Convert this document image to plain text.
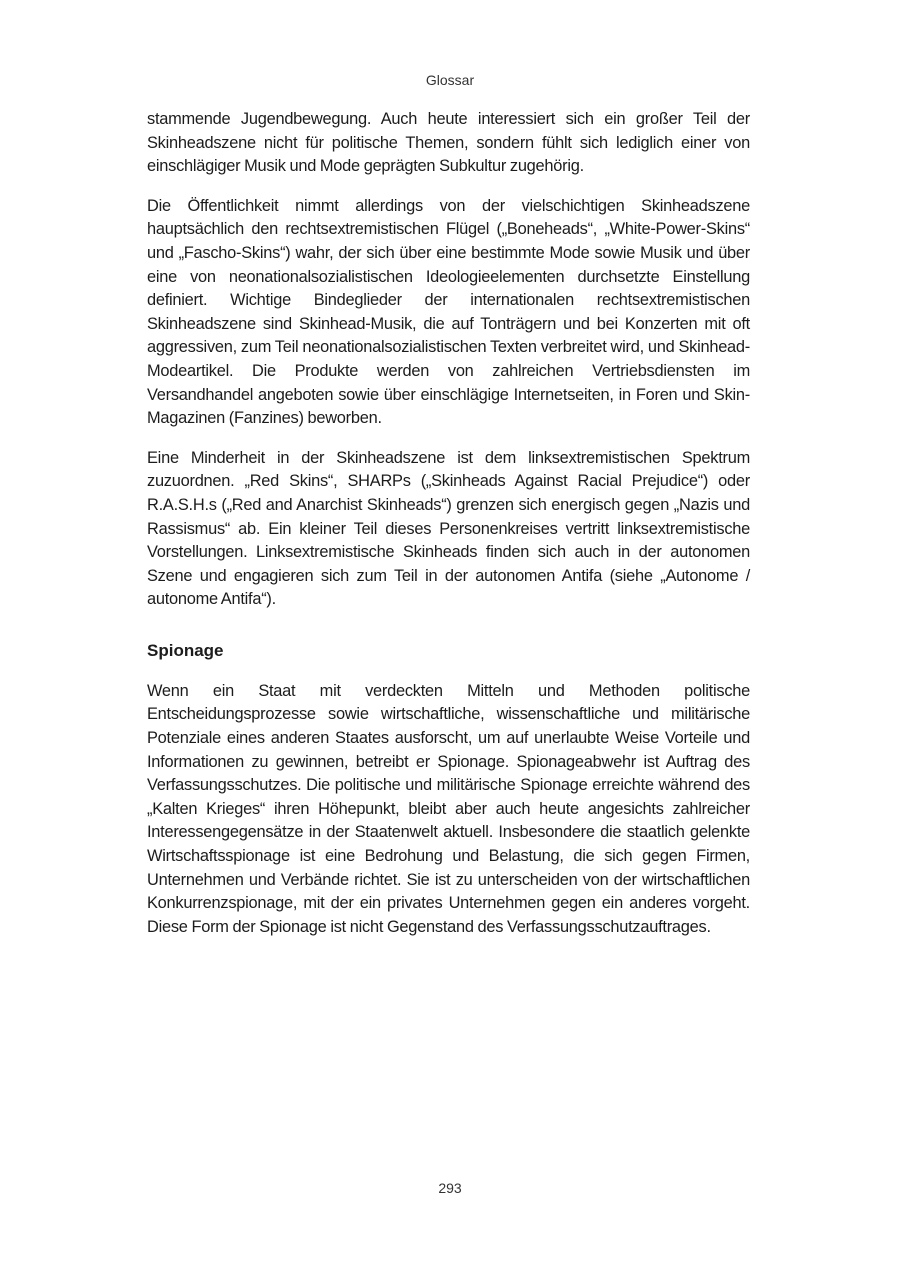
Glossar

stammende Jugendbewegung. Auch heute interessiert sich ein großer Teil der Skinheadszene nicht für politische Themen, sondern fühlt sich lediglich einer von einschlägiger Musik und Mode geprägten Subkultur zugehörig.

Die Öffentlichkeit nimmt allerdings von der vielschichtigen Skinheadszene hauptsächlich den rechtsextremistischen Flügel („Boneheads“, „White-Power-Skins“ und „Fascho-Skins“) wahr, der sich über eine bestimmte Mode sowie Musik und über eine von neonationalsozialistischen Ideologieelementen durchsetzte Einstellung definiert. Wichtige Bindeglieder der internationalen rechtsextremistischen Skinheadszene sind Skinhead-Musik, die auf Tonträgern und bei Konzerten mit oft aggressiven, zum Teil neonationalsozialistischen Texten verbreitet wird, und Skinhead-Modeartikel. Die Produkte werden von zahlreichen Vertriebsdiensten im Versandhandel angeboten sowie über einschlägige Internetseiten, in Foren und Skin-Magazinen (Fanzines) beworben.

Eine Minderheit in der Skinheadszene ist dem linksextremistischen Spektrum zuzuordnen. „Red Skins“, SHARPs („Skinheads Against Racial Prejudice“) oder R.A.S.H.s („Red and Anarchist Skinheads“) grenzen sich energisch gegen „Nazis und Rassismus“ ab. Ein kleiner Teil dieses Personenkreises vertritt linksextremistische Vorstellungen. Linksextremistische Skinheads finden sich auch in der autonomen Szene und engagieren sich zum Teil in der autonomen Antifa (siehe „Autonome / autonome Antifa“).

Spionage

Wenn ein Staat mit verdeckten Mitteln und Methoden politische Entscheidungsprozesse sowie wirtschaftliche, wissenschaftliche und militärische Potenziale eines anderen Staates ausforscht, um auf unerlaubte Weise Vorteile und Informationen zu gewinnen, betreibt er Spionage. Spionageabwehr ist Auftrag des Verfassungsschutzes. Die politische und militärische Spionage erreichte während des „Kalten Krieges“ ihren Höhepunkt, bleibt aber auch heute angesichts zahlreicher Interessengegensätze in der Staatenwelt aktuell. Insbesondere die staatlich gelenkte Wirtschaftsspionage ist eine Bedrohung und Belastung, die sich gegen Firmen, Unternehmen und Verbände richtet. Sie ist zu unterscheiden von der wirtschaftlichen Konkurrenzspionage, mit der ein privates Unternehmen gegen ein anderes vorgeht. Diese Form der Spionage ist nicht Gegenstand des Verfassungsschutzauftrages.

293
